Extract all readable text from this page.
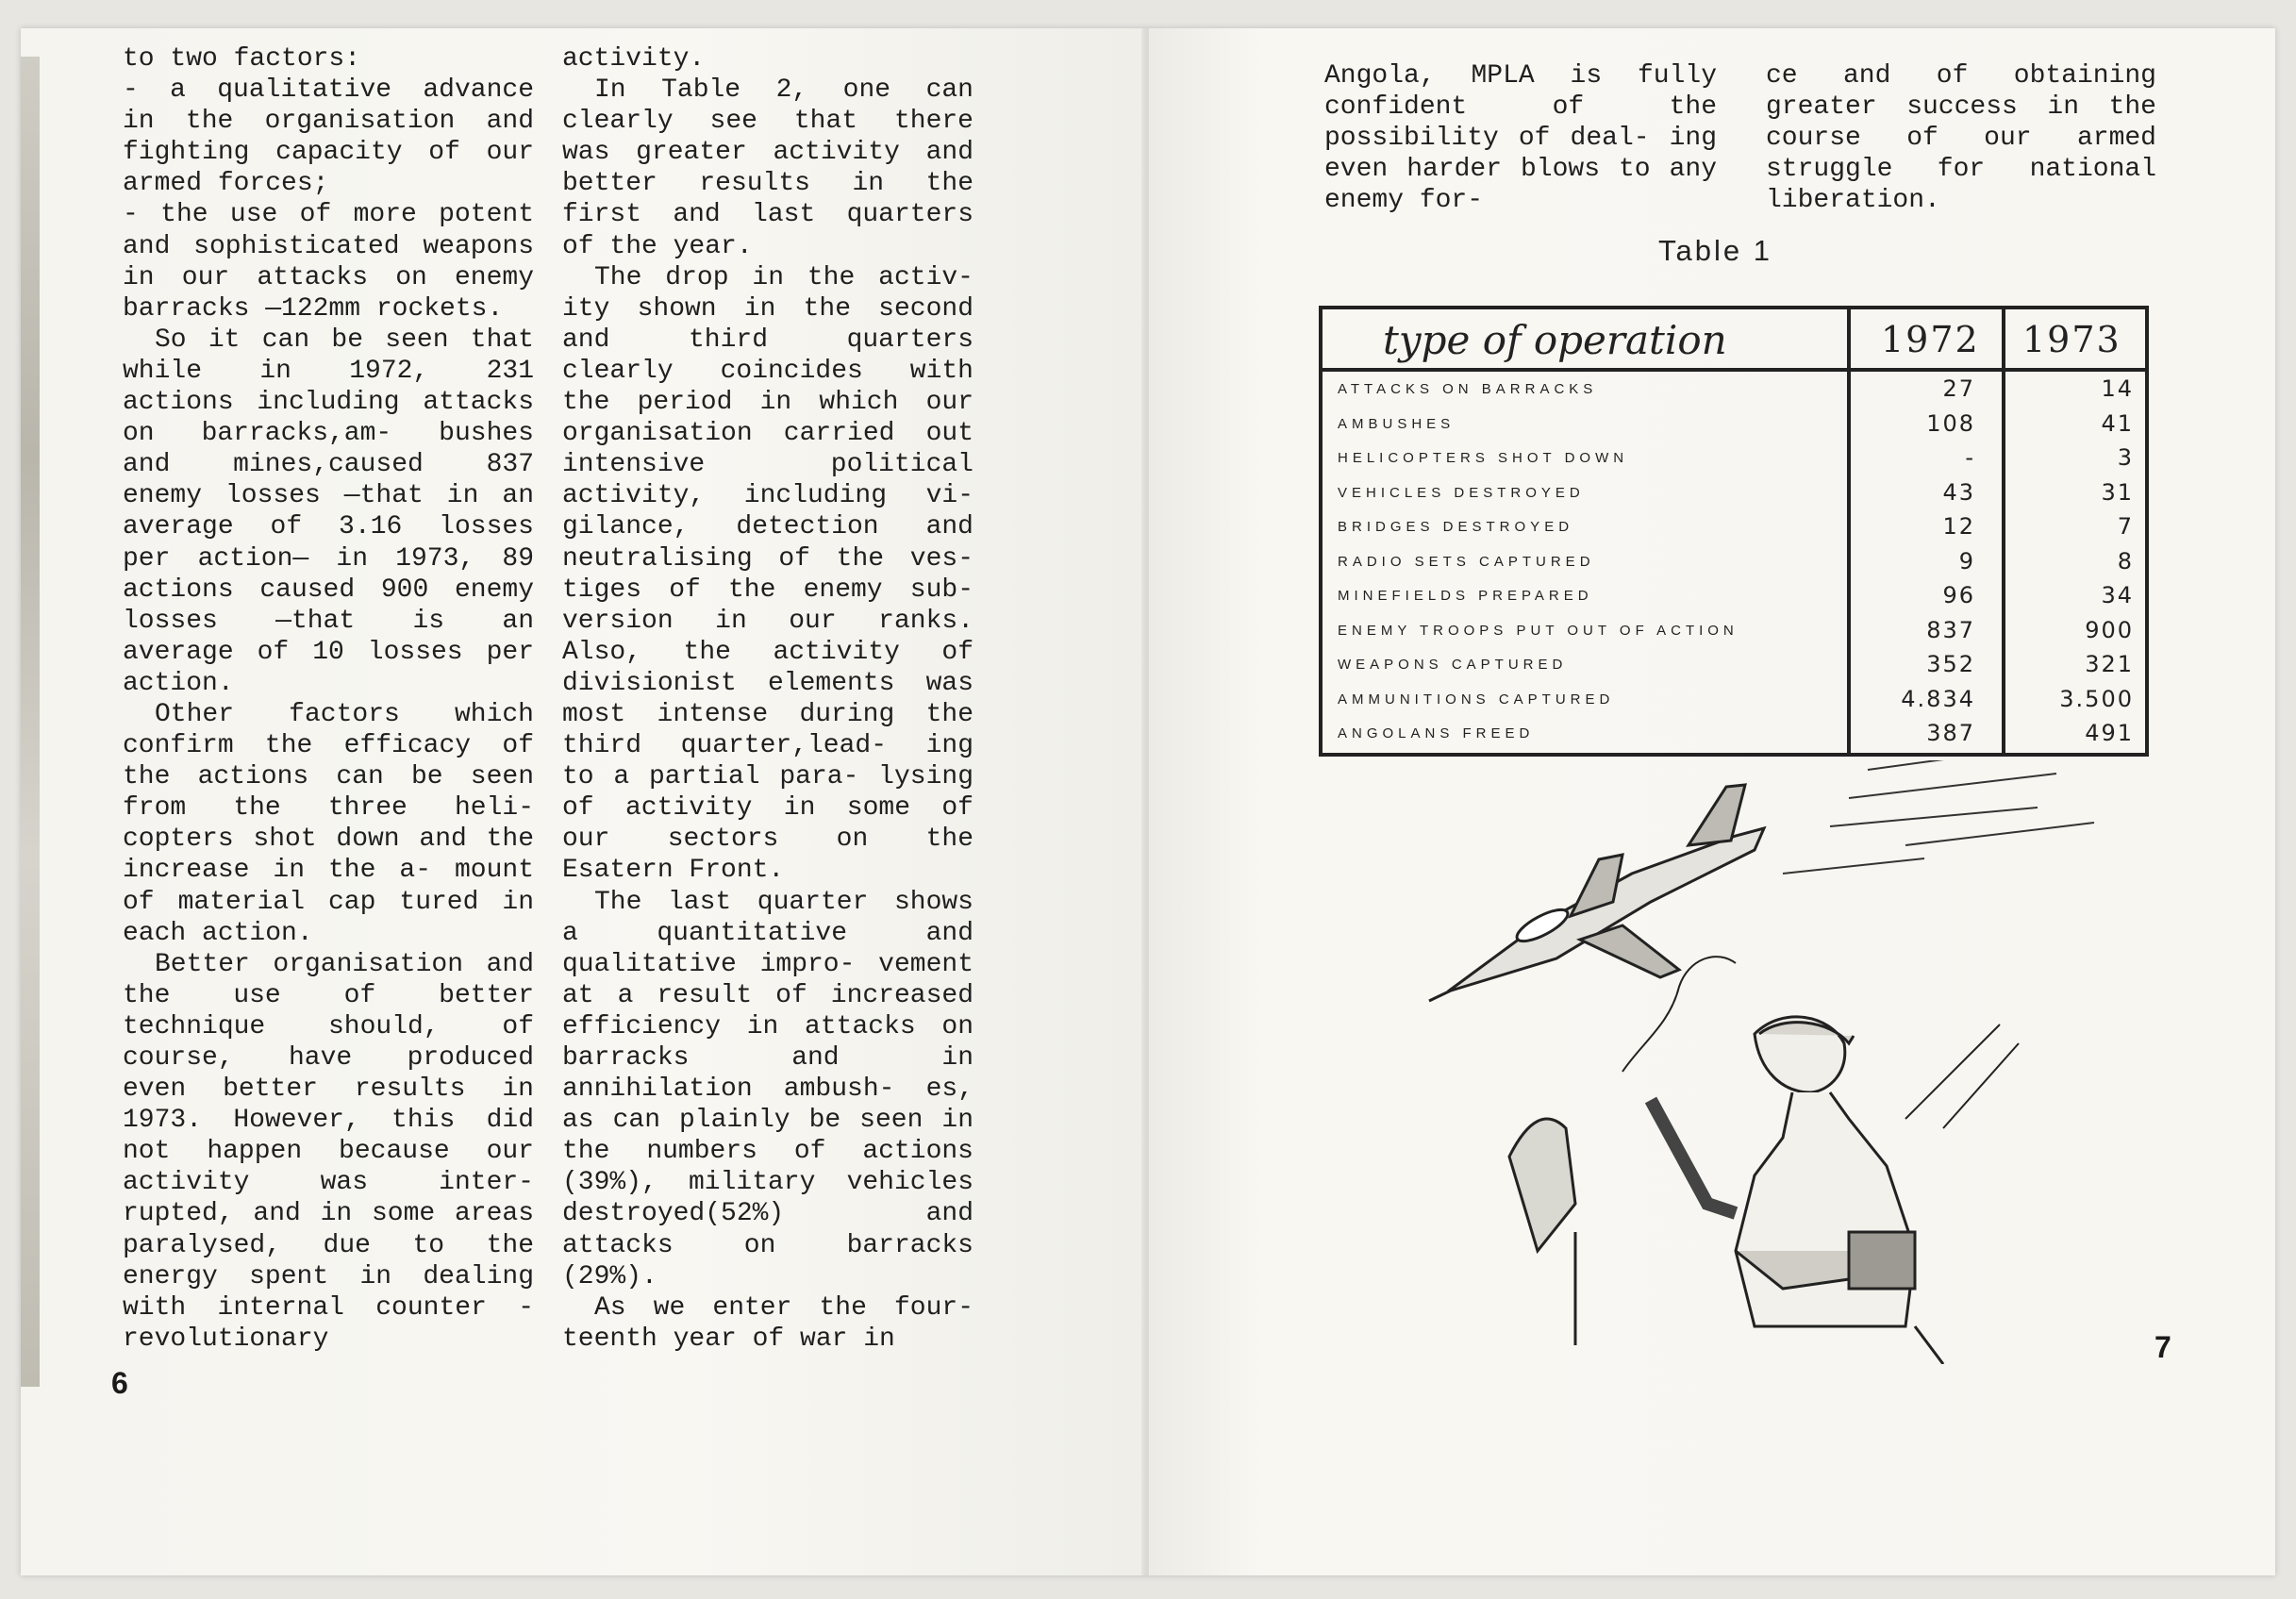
to two factors:

- a qualitative advance in the organisation and fighting capacity of our armed forces;

- the use of more potent and sophisticated weapons in our attacks on enemy barracks —122mm rockets.

So it can be seen that while in 1972, 231 actions including attacks on barracks,am- bushes and mines,caused 837 enemy losses —that in an average of 3.16 losses per action— in 1973, 89 actions caused 900 enemy losses —that is an average of 10 losses per action.

Other factors which confirm the efficacy of the actions can be seen from the three heli- copters shot down and the increase in the a- mount of material cap tured in each action.

Better organisation and the use of better technique should, of course, have produced even better results in 1973. However, this did not happen because our activity was inter- rupted, and in some areas paralysed, due to the energy spent in dealing with internal counter - revolutionary

activity.

In Table 2, one can clearly see that there was greater activity and better results in the first and last quarters of the year.

The drop in the activ- ity shown in the second and third quarters clearly coincides with the period in which our organisation carried out intensive political activity, including vi- gilance, detection and neutralising of the ves- tiges of the enemy sub- version in our ranks. Also, the activity of divisionist elements was most intense during the third quarter,lead- ing to a partial para- lysing of activity in some of our sectors on the Esatern Front.

The last quarter shows a quantitative and qualitative impro- vement at a result of increased efficiency in attacks on barracks and in annihilation ambush- es, as can plainly be seen in the numbers of actions (39%), military vehicles destroyed(52%) and attacks on barracks (29%).

As we enter the four- teenth year of war in

6
7
Angola, MPLA is fully confident of the possibility of deal- ing even harder blows to any enemy for-
ce and of obtaining greater success in the course of our armed struggle for national liberation.
Table 1
type of operation	1972 1973
ATTACKS ON BARRACKS	27	14
AMBUSHES	108	41
HELICOPTERS SHOT DOWN	-	3
VEHICLES DESTROYED	43	31
BRIDGES DESTROYED	12	7
RADIO SETS CAPTURED	9	8
MINEFIELDS PREPARED	96	34
ENEMY TROOPS PUT OUT OF ACTION	837	900
WEAPONS CAPTURED	352	321
AMMUNITIONS CAPTURED	4.834	3.500
ANGOLANS FREED	387	491
